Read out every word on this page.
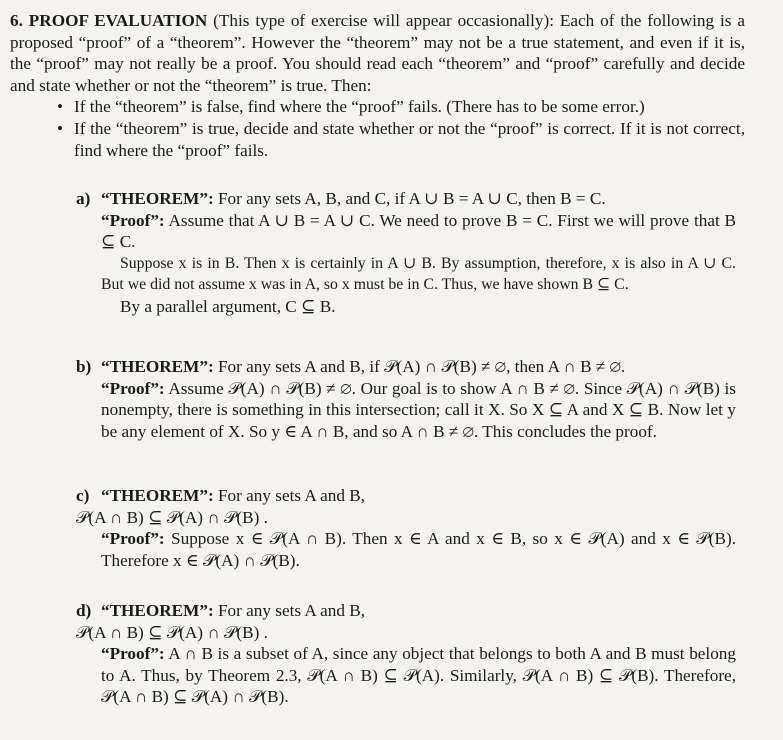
6. PROOF EVALUATION (This type of exercise will appear occasionally): Each of the following is a proposed “proof” of a “theorem”. However the “theorem” may not be a true statement, and even if it is, the “proof” may not really be a proof. You should read each “theorem” and “proof” carefully and decide and state whether or not the “theorem” is true. Then:

• If the “theorem” is false, find where the “proof” fails. (There has to be some error.)
• If the “theorem” is true, decide and state whether or not the “proof” is correct. If it is not correct, find where the “proof” fails.

a) “THEOREM”: For any sets A, B, and C, if A ∪ B = A ∪ C, then B = C.

“Proof”: Assume that A ∪ B = A ∪ C. We need to prove B = C. First we will prove that B ⊆ C.

Suppose x is in B. Then x is certainly in A ∪ B. By assumption, therefore, x is also in A ∪ C. But we did not assume x was in A, so x must be in C. Thus, we have shown B ⊆ C.

By a parallel argument, C ⊆ B.

b) “THEOREM”: For any sets A and B, if 𝒫(A) ∩ 𝒫(B) ≠ ∅, then A ∩ B ≠ ∅.

“Proof”: Assume 𝒫(A) ∩ 𝒫(B) ≠ ∅. Our goal is to show A ∩ B ≠ ∅. Since 𝒫(A) ∩ 𝒫(B) is nonempty, there is something in this intersection; call it X. So X ⊆ A and X ⊆ B. Now let y be any element of X. So y ∈ A ∩ B, and so A ∩ B ≠ ∅. This concludes the proof.

c) “THEOREM”: For any sets A and B,

𝒫(A ∩ B) ⊆ 𝒫(A) ∩ 𝒫(B) .

“Proof”: Suppose x ∈ 𝒫(A ∩ B). Then x ∈ A and x ∈ B, so x ∈ 𝒫(A) and x ∈ 𝒫(B). Therefore x ∈ 𝒫(A) ∩ 𝒫(B).

d) “THEOREM”: For any sets A and B,

𝒫(A ∩ B) ⊆ 𝒫(A) ∩ 𝒫(B) .

“Proof”: A ∩ B is a subset of A, since any object that belongs to both A and B must belong to A. Thus, by Theorem 2.3, 𝒫(A ∩ B) ⊆ 𝒫(A). Similarly, 𝒫(A ∩ B) ⊆ 𝒫(B). Therefore, 𝒫(A ∩ B) ⊆ 𝒫(A) ∩ 𝒫(B).
